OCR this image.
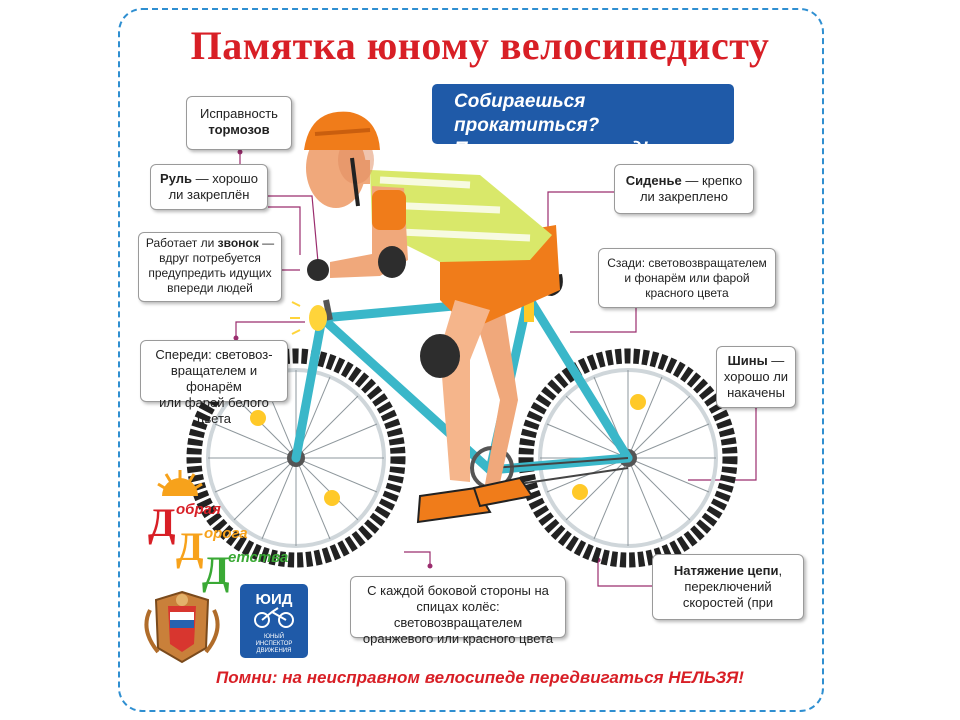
Памятка юному велосипедисту
Собираешься прокатиться?
Проверь велосипед!
Д обрая
Д орога
Д
етства
ЮИД
ЮНЫЙ
ИНСПЕКТОР
ДВИЖЕНИЯ
Исправность
тормозов
Руль — хорошо
ли закреплён
Работает ли звонок —
вдруг потребуется
предупредить идущих
впереди людей
Спереди: световоз-
вращателем и фонарём
или фарой белого цвета
Сиденье — крепко
ли закреплено
Сзади: световозвращателем
и фонарём или фарой
красного цвета
Шины —
хорошо ли
накачены
С каждой боковой стороны на
спицах колёс: световозвращателем
оранжевого или красного цвета
Натяжение цепи,
переключений
скоростей (при
Помни: на неисправном велосипеде передвигаться НЕЛЬЗЯ!
